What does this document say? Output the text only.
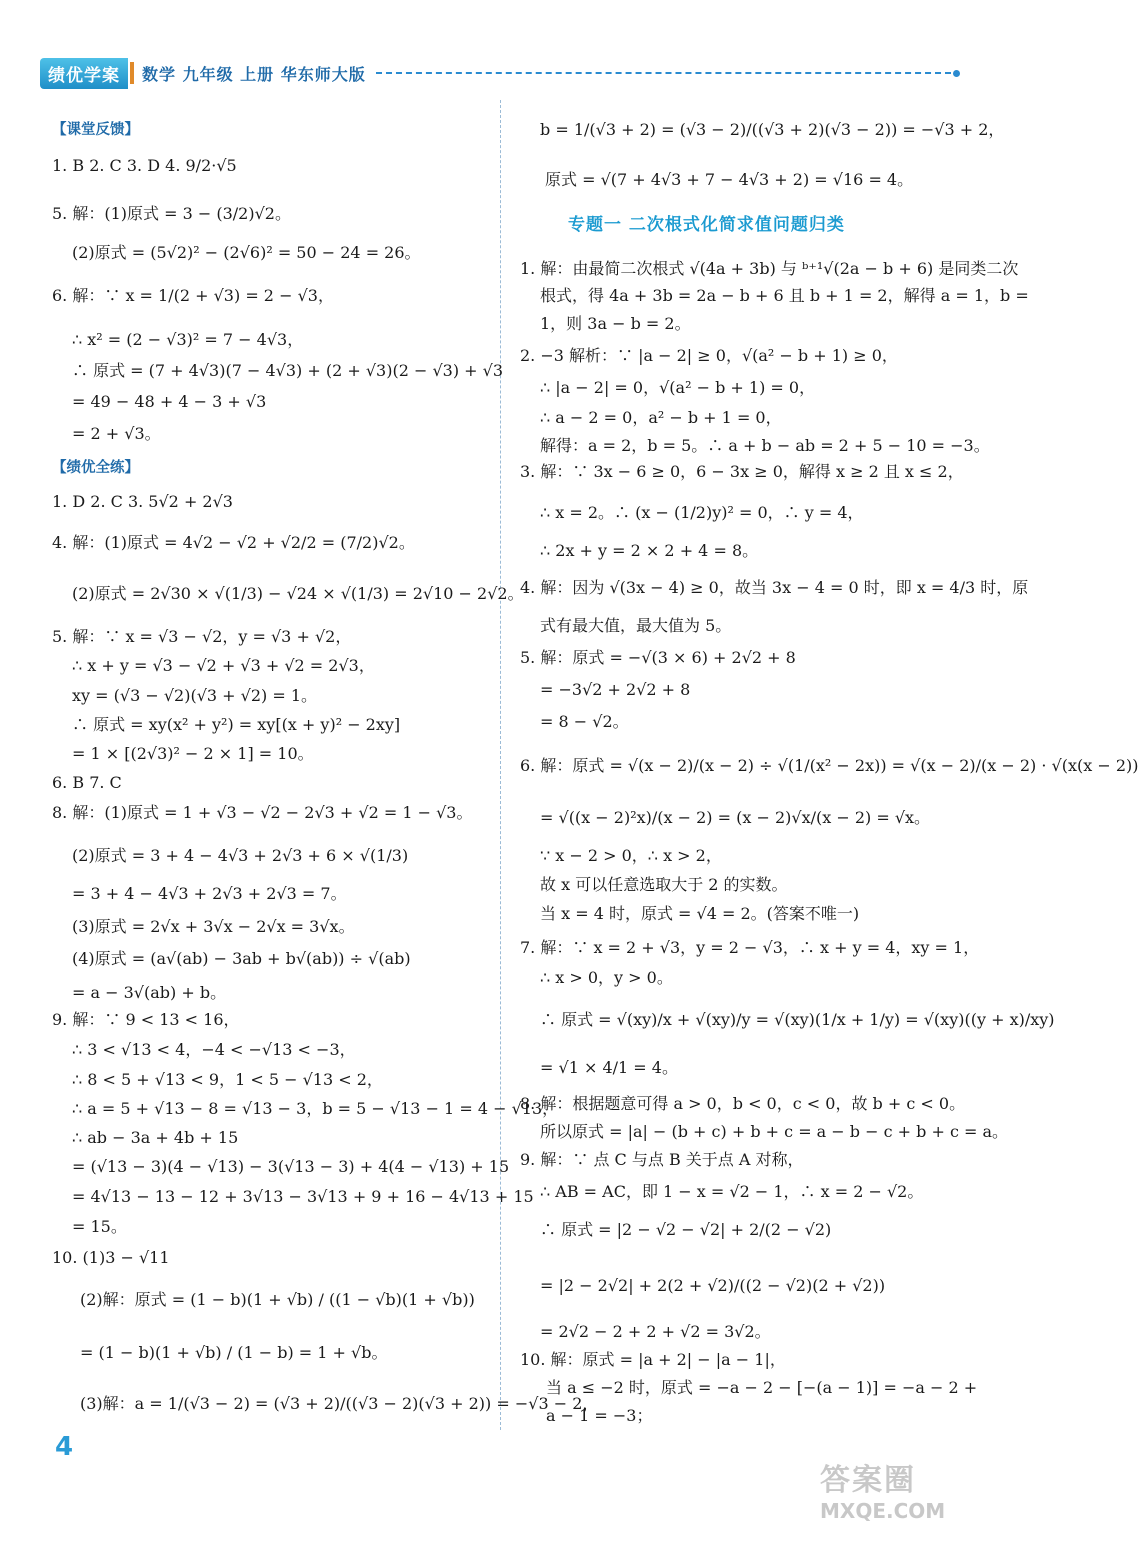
绩优学案	数学 九年级 上册 华东师大版
【课堂反馈】
1. B 2. C 3. D 4. 9/2·√5
5. 解：(1)原式 = 3 − (3/2)√2。
(2)原式 = (5√2)² − (2√6)² = 50 − 24 = 26。
6. 解：∵ x = 1/(2 + √3) = 2 − √3，
∴ x² = (2 − √3)² = 7 − 4√3，
∴ 原式 = (7 + 4√3)(7 − 4√3) + (2 + √3)(2 − √3) + √3
= 49 − 48 + 4 − 3 + √3
= 2 + √3。
【绩优全练】
1. D 2. C 3. 5√2 + 2√3
4. 解：(1)原式 = 4√2 − √2 + √2/2 = (7/2)√2。
(2)原式 = 2√30 × √(1/3) − √24 × √(1/3) = 2√10 − 2√2。
5. 解：∵ x = √3 − √2，y = √3 + √2，
∴ x + y = √3 − √2 + √3 + √2 = 2√3，
xy = (√3 − √2)(√3 + √2) = 1。
∴ 原式 = xy(x² + y²) = xy[(x + y)² − 2xy]
= 1 × [(2√3)² − 2 × 1] = 10。
6. B 7. C
8. 解：(1)原式 = 1 + √3 − √2 − 2√3 + √2 = 1 − √3。
(2)原式 = 3 + 4 − 4√3 + 2√3 + 6 × √(1/3)
= 3 + 4 − 4√3 + 2√3 + 2√3 = 7。
(3)原式 = 2√x + 3√x − 2√x = 3√x。
(4)原式 = (a√(ab) − 3ab + b√(ab)) ÷ √(ab)
= a − 3√(ab) + b。
9. 解：∵ 9 < 13 < 16，
∴ 3 < √13 < 4，−4 < −√13 < −3，
∴ 8 < 5 + √13 < 9，1 < 5 − √13 < 2，
∴ a = 5 + √13 − 8 = √13 − 3，b = 5 − √13 − 1 = 4 − √13，
∴ ab − 3a + 4b + 15
= (√13 − 3)(4 − √13) − 3(√13 − 3) + 4(4 − √13) + 15
= 4√13 − 13 − 12 + 3√13 − 3√13 + 9 + 16 − 4√13 + 15
= 15。
10. (1)3 − √11
(2)解：原式 = (1 − b)(1 + √b) / ((1 − √b)(1 + √b))
= (1 − b)(1 + √b) / (1 − b) = 1 + √b。
(3)解：a = 1/(√3 − 2) = (√3 + 2)/((√3 − 2)(√3 + 2)) = −√3 − 2，
b = 1/(√3 + 2) = (√3 − 2)/((√3 + 2)(√3 − 2)) = −√3 + 2，
原式 = √(7 + 4√3 + 7 − 4√3 + 2) = √16 = 4。
专题一 二次根式化简求值问题归类
1. 解：由最简二次根式 √(4a + 3b) 与 ᵇ⁺¹√(2a − b + 6) 是同类二次
根式，得 4a + 3b = 2a − b + 6 且 b + 1 = 2，解得 a = 1，b =
1，则 3a − b = 2。
2. −3 解析：∵ |a − 2| ≥ 0，√(a² − b + 1) ≥ 0，
∴ |a − 2| = 0，√(a² − b + 1) = 0，
∴ a − 2 = 0，a² − b + 1 = 0，
解得：a = 2，b = 5。∴ a + b − ab = 2 + 5 − 10 = −3。
3. 解：∵ 3x − 6 ≥ 0，6 − 3x ≥ 0，解得 x ≥ 2 且 x ≤ 2，
∴ x = 2。∴ (x − (1/2)y)² = 0，∴ y = 4，
∴ 2x + y = 2 × 2 + 4 = 8。
4. 解：因为 √(3x − 4) ≥ 0，故当 3x − 4 = 0 时，即 x = 4/3 时，原
式有最大值，最大值为 5。
5. 解：原式 = −√(3 × 6) + 2√2 + 8
= −3√2 + 2√2 + 8
= 8 − √2。
6. 解：原式 = √(x − 2)/(x − 2) ÷ √(1/(x² − 2x)) = √(x − 2)/(x − 2) · √(x(x − 2))
= √((x − 2)²x)/(x − 2) = (x − 2)√x/(x − 2) = √x。
∵ x − 2 > 0，∴ x > 2，
故 x 可以任意选取大于 2 的实数。
当 x = 4 时，原式 = √4 = 2。(答案不唯一)
7. 解：∵ x = 2 + √3，y = 2 − √3，∴ x + y = 4，xy = 1，
∴ x > 0，y > 0。
∴ 原式 = √(xy)/x + √(xy)/y = √(xy)(1/x + 1/y) = √(xy)((y + x)/xy)
= √1 × 4/1 = 4。
8. 解：根据题意可得 a > 0，b < 0，c < 0，故 b + c < 0。
所以原式 = |a| − (b + c) + b + c = a − b − c + b + c = a。
9. 解：∵ 点 C 与点 B 关于点 A 对称，
∴ AB = AC，即 1 − x = √2 − 1，∴ x = 2 − √2。
∴ 原式 = |2 − √2 − √2| + 2/(2 − √2)
= |2 − 2√2| + 2(2 + √2)/((2 − √2)(2 + √2))
= 2√2 − 2 + 2 + √2 = 3√2。
10. 解：原式 = |a + 2| − |a − 1|，
当 a ≤ −2 时，原式 = −a − 2 − [−(a − 1)] = −a − 2 +
a − 1 = −3；
4
答案圈
MXQE.COM
